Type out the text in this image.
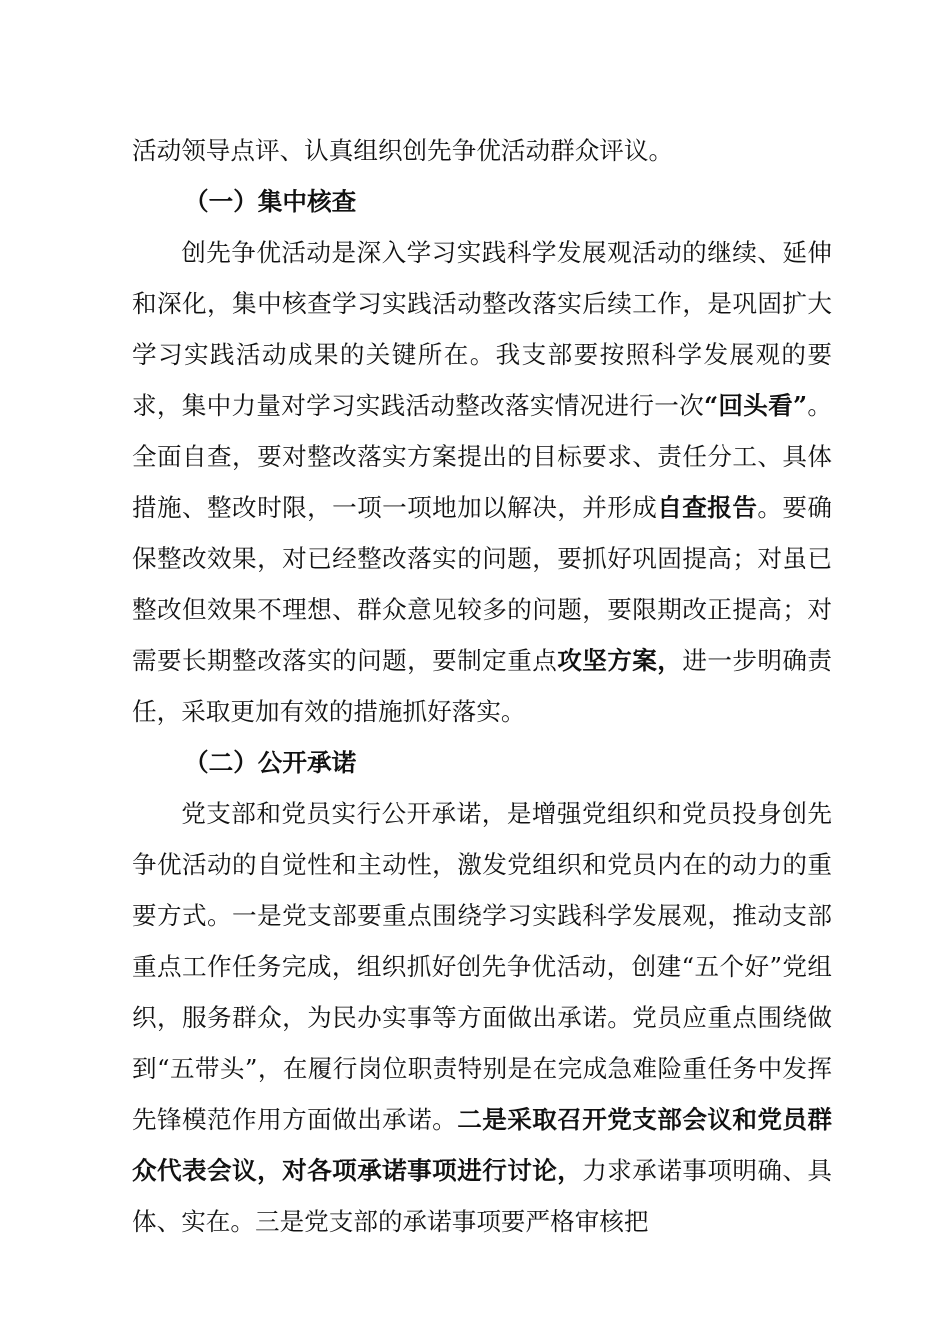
活动领导点评、认真组织创先争优活动群众评议。

（一）集中核查

创先争优活动是深入学习实践科学发展观活动的继续、延伸和深化，集中核查学习实践活动整改落实后续工作，是巩固扩大学习实践活动成果的关键所在。我支部要按照科学发展观的要求，集中力量对学习实践活动整改落实情况进行一次“回头看”。全面自查，要对整改落实方案提出的目标要求、责任分工、具体措施、整改时限，一项一项地加以解决，并形成自查报告。要确保整改效果，对已经整改落实的问题，要抓好巩固提高；对虽已整改但效果不理想、群众意见较多的问题，要限期改正提高；对需要长期整改落实的问题，要制定重点攻坚方案，进一步明确责任，采取更加有效的措施抓好落实。

（二）公开承诺

党支部和党员实行公开承诺，是增强党组织和党员投身创先争优活动的自觉性和主动性，激发党组织和党员内在的动力的重要方式。一是党支部要重点围绕学习实践科学发展观，推动支部重点工作任务完成，组织抓好创先争优活动，创建“五个好”党组织，服务群众，为民办实事等方面做出承诺。党员应重点围绕做到“五带头”，在履行岗位职责特别是在完成急难险重任务中发挥先锋模范作用方面做出承诺。二是采取召开党支部会议和党员群众代表会议，对各项承诺事项进行讨论，力求承诺事项明确、具体、实在。三是党支部的承诺事项要严格审核把
